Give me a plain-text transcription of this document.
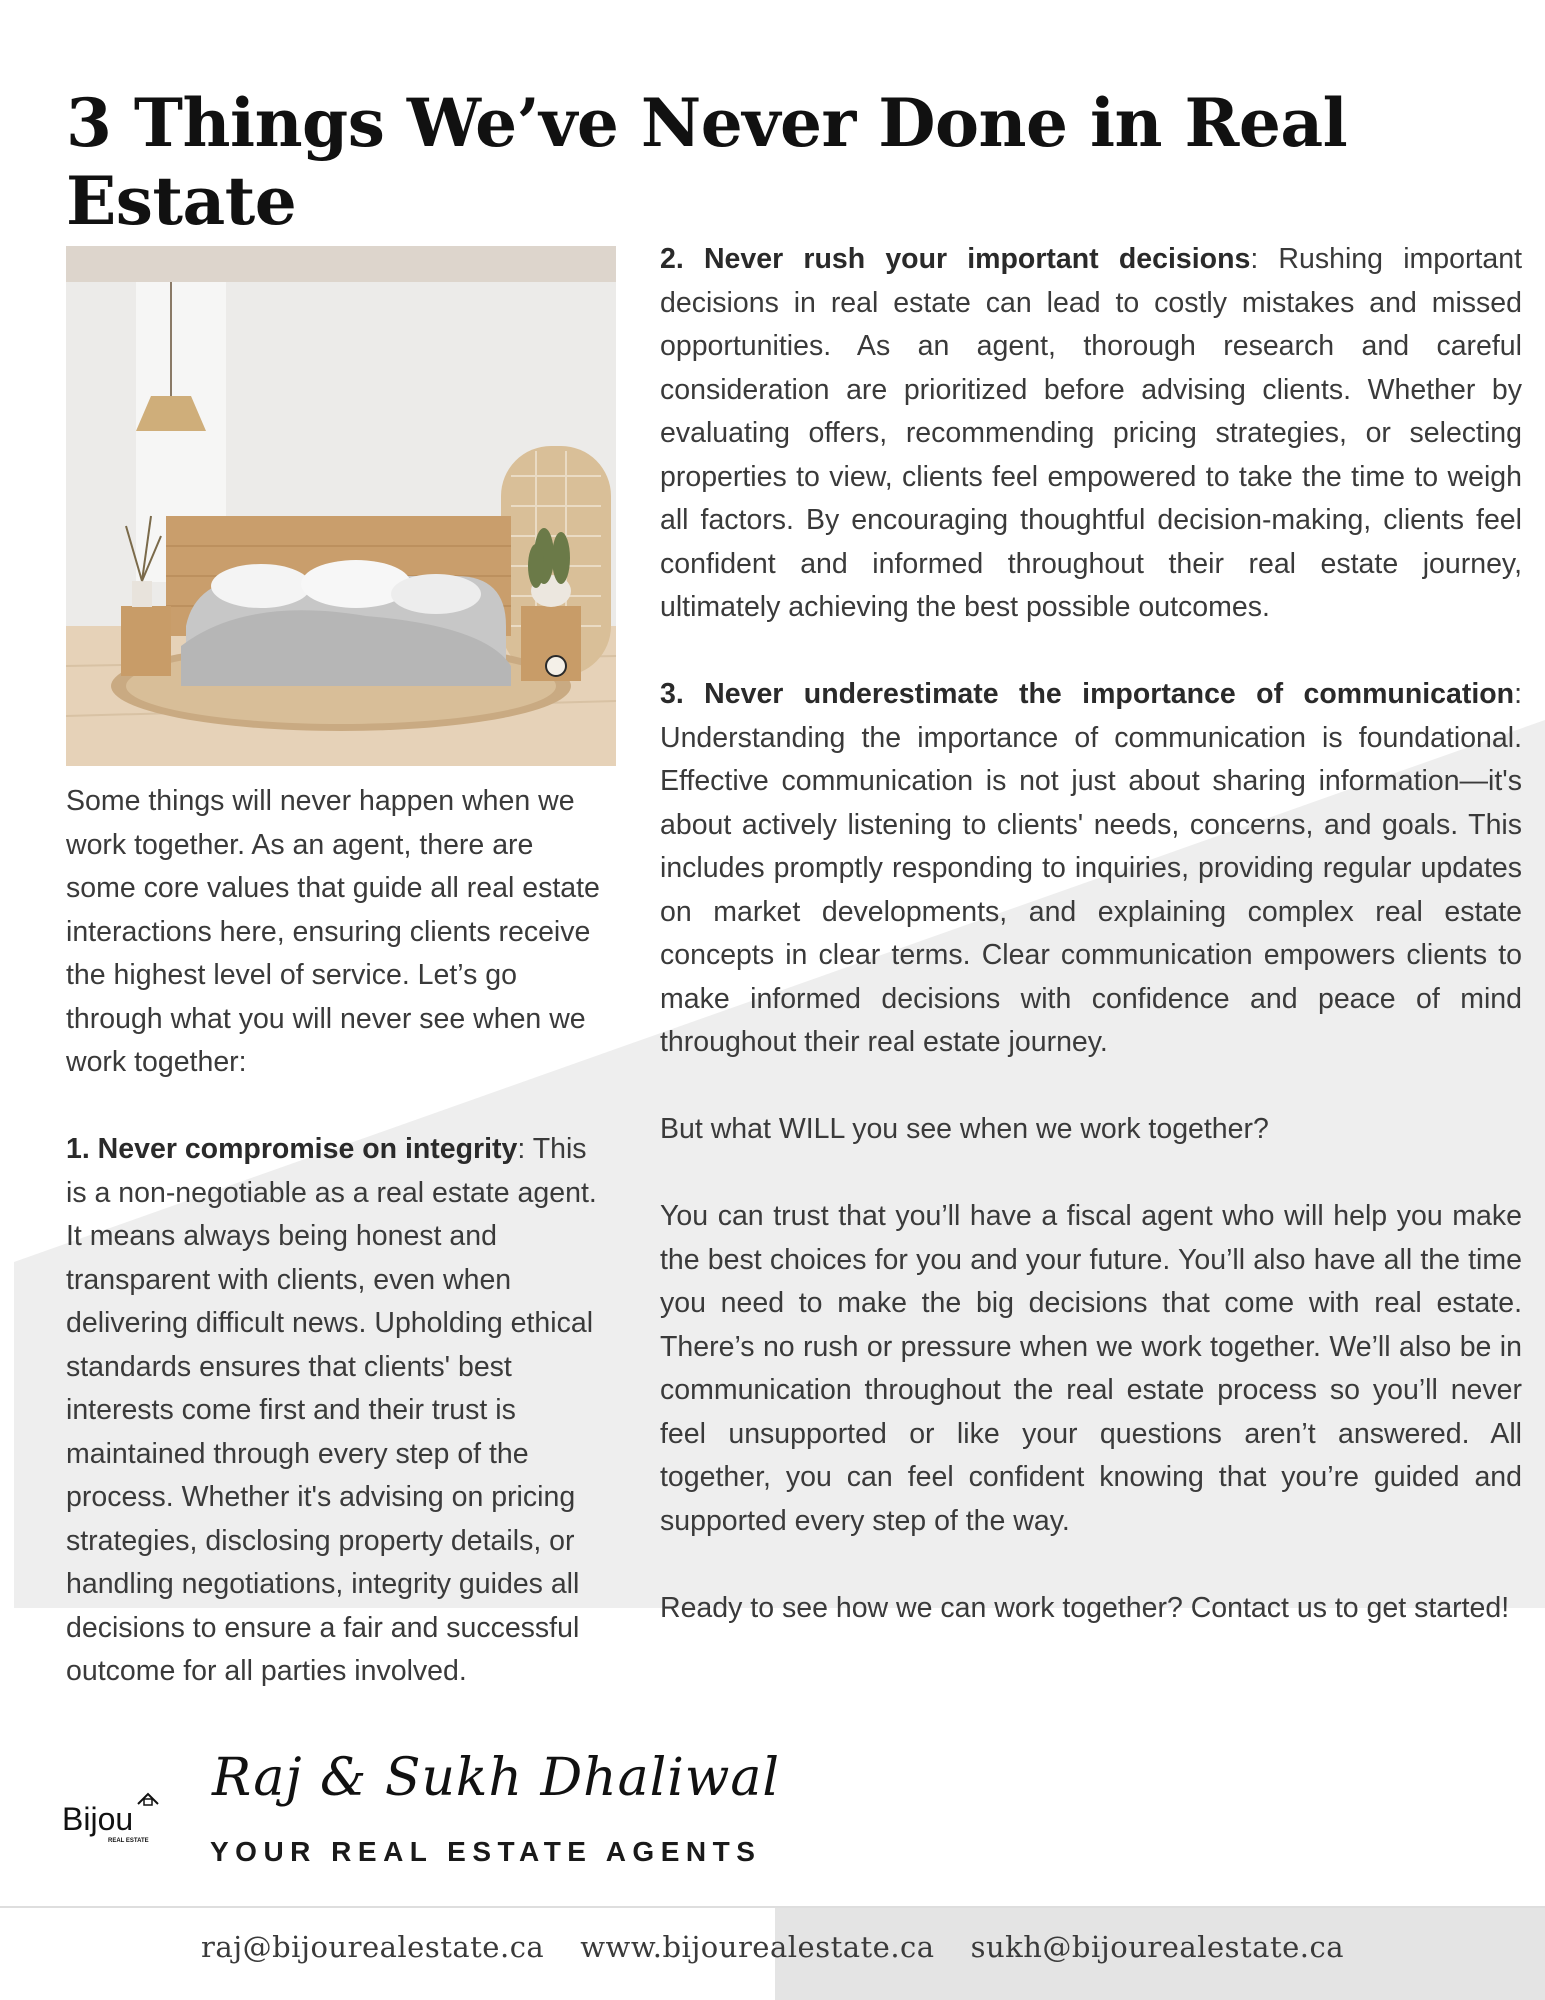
3 Things We’ve Never Done in Real Estate

Some things will never happen when we work together. As an agent, there are some core values that guide all real estate interactions here, ensuring clients receive the highest level of service. Let’s go through what you will never see when we work together:

1. Never compromise on integrity: This is a non-negotiable as a real estate agent. It means always being honest and transparent with clients, even when delivering difficult news. Upholding ethical standards ensures that clients' best interests come first and their trust is maintained through every step of the process. Whether it's advising on pricing strategies, disclosing property details, or handling negotiations, integrity guides all decisions to ensure a fair and successful outcome for all parties involved.

2. Never rush your important decisions: Rushing important decisions in real estate can lead to costly mistakes and missed opportunities. As an agent, thorough research and careful consideration are prioritized before advising clients. Whether by evaluating offers, recommending pricing strategies, or selecting properties to view, clients feel empowered to take the time to weigh all factors. By encouraging thoughtful decision-making, clients feel confident and informed throughout their real estate journey, ultimately achieving the best possible outcomes.

3. Never underestimate the importance of communication: Understanding the importance of communication is foundational. Effective communication is not just about sharing information—it's about actively listening to clients' needs, concerns, and goals. This includes promptly responding to inquiries, providing regular updates on market developments, and explaining complex real estate concepts in clear terms. Clear communication empowers clients to make informed decisions with confidence and peace of mind throughout their real estate journey.

But what WILL you see when we work together?

You can trust that you’ll have a fiscal agent who will help you make the best choices for you and your future. You’ll also have all the time you need to make the big decisions that come with real estate. There’s no rush or pressure when we work together. We’ll also be in communication throughout the real estate process so you’ll never feel unsupported or like your questions aren’t answered. All together, you can feel confident knowing that you’re guided and supported every step of the way.

Ready to see how we can work together? Contact us to get started!

Bijou
REAL ESTATE
Raj & Sukh Dhaliwal
YOUR REAL ESTATE AGENTS
raj@bijourealestate.ca www.bijourealestate.ca sukh@bijourealestate.ca
